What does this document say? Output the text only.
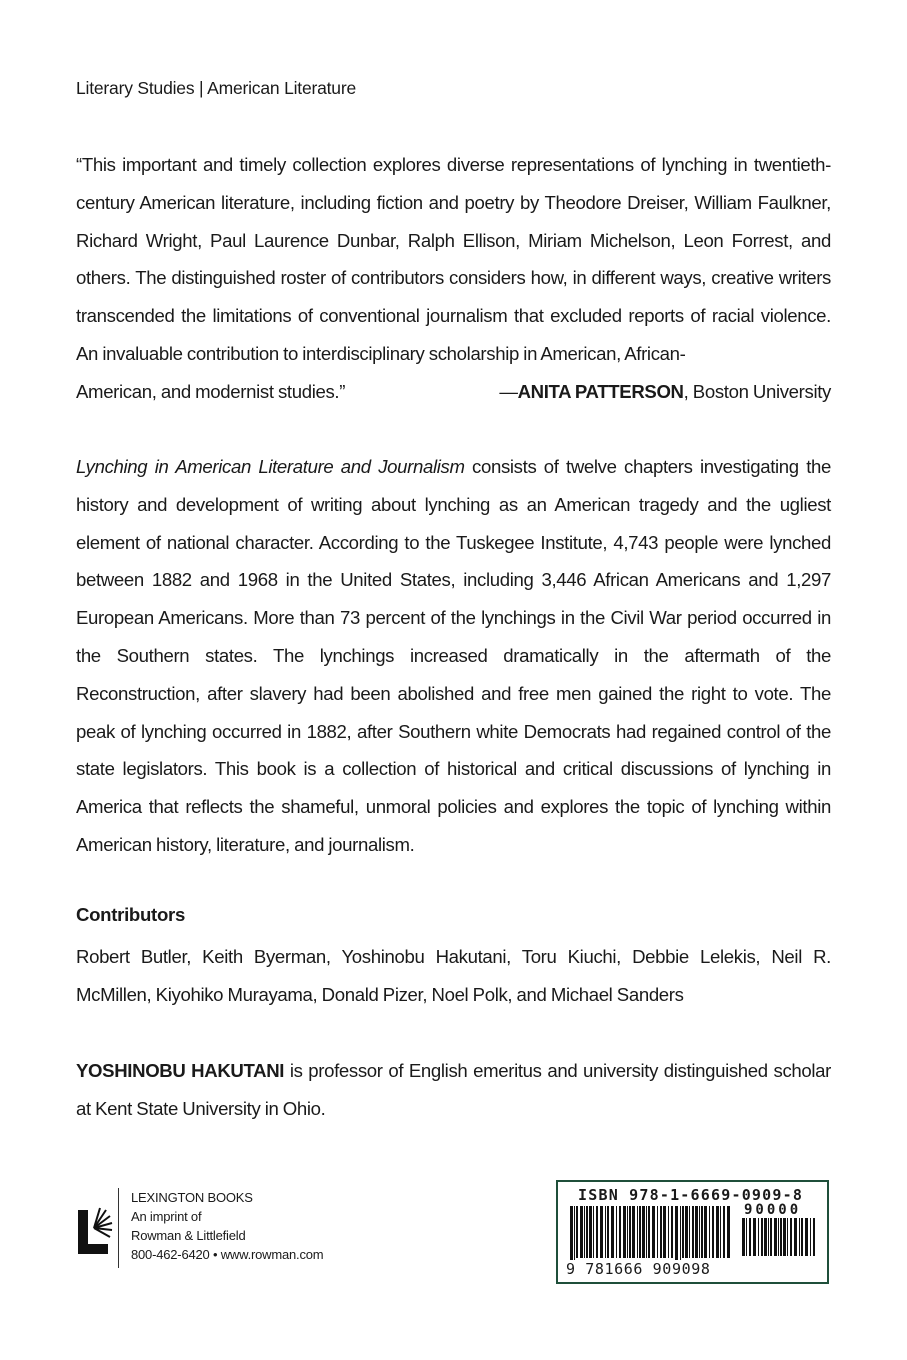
Literary Studies | American Literature
“This important and timely collection explores diverse representations of lynching in twentieth-century American literature, including fiction and poetry by Theodore Dreiser, William Faulkner, Richard Wright, Paul Laurence Dunbar, Ralph Ellison, Miriam Michelson, Leon Forrest, and others. The distinguished roster of contributors considers how, in different ways, creative writers transcended the limitations of conventional journalism that excluded reports of racial violence. An invaluable contribution to interdisciplinary scholarship in American, African-
American, and modernist studies.”	—ANITA PATTERSON, Boston University

Lynching in American Literature and Journalism consists of twelve chapters investigating the history and development of writing about lynching as an American tragedy and the ugliest element of national character. According to the Tuskegee Institute, 4,743 people were lynched between 1882 and 1968 in the United States, including 3,446 African Americans and 1,297 European Americans. More than 73 percent of the lynchings in the Civil War period occurred in the Southern states. The lynchings increased dramatically in the aftermath of the Reconstruction, after slavery had been abolished and free men gained the right to vote. The peak of lynching occurred in 1882, after Southern white Democrats had regained control of the state legislators. This book is a collection of historical and critical discussions of lynching in America that reflects the shameful, unmoral policies and explores the topic of lynching within American history, literature, and journalism.

Contributors

Robert Butler, Keith Byerman, Yoshinobu Hakutani, Toru Kiuchi, Debbie Lelekis, Neil R. McMillen, Kiyohiko Murayama, Donald Pizer, Noel Polk, and Michael Sanders

YOSHINOBU HAKUTANI is professor of English emeritus and university distinguished scholar at Kent State University in Ohio.

LEXINGTON BOOKS
An imprint of
Rowman & Littlefield
800-462-6420 • www.rowman.com
ISBN 978-1-6669-0909-8
90000
9 781666 909098
